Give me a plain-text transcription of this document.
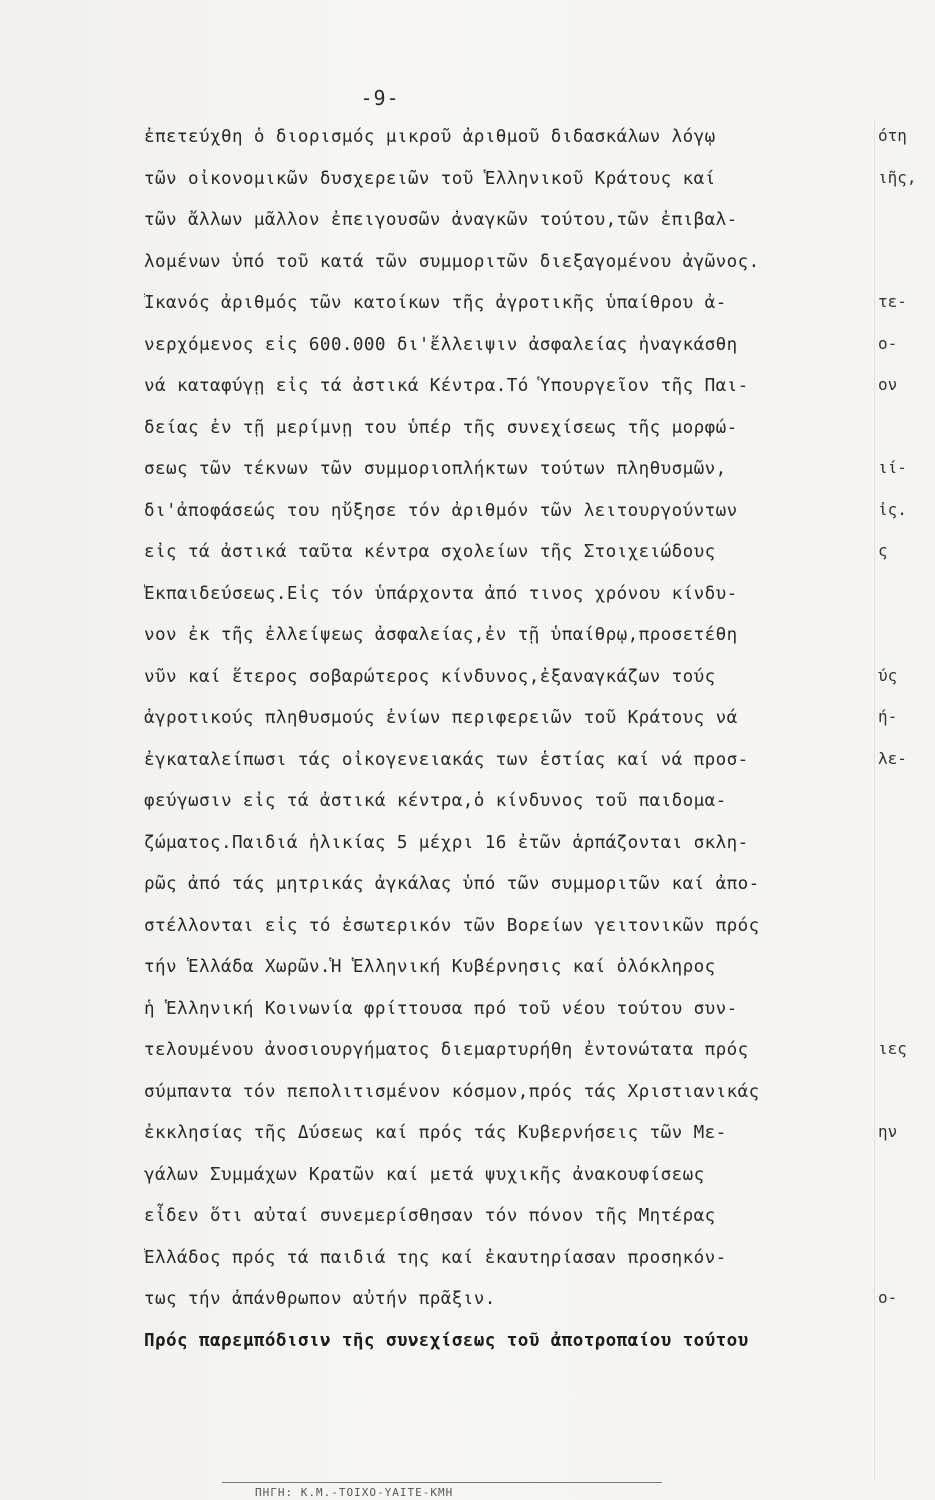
-9-
ἐπετεύχθη ὁ διορισμός μικροῦ ἀριθμοῦ διδασκάλων λόγῳ
τῶν οἰκονομικῶν δυσχερειῶν τοῦ Ἑλληνικοῦ Κράτους καί
τῶν ἄλλων μᾶλλον ἐπειγουσῶν ἀναγκῶν τούτου,τῶν ἐπιβαλ-
λομένων ὑπό τοῦ κατά τῶν συμμοριτῶν διεξαγομένου ἀγῶνος.
Ἱκανός ἀριθμός τῶν κατοίκων τῆς ἀγροτικῆς ὑπαίθρου ἀ-
νερχόμενος εἰς 600.000 δι'ἔλλειψιν ἀσφαλείας ἠναγκάσθη
νά καταφύγῃ εἰς τά ἀστικά Κέντρα.Τό Ὑπουργεῖον τῆς Παι-
δείας ἐν τῇ μερίμνῃ του ὑπέρ τῆς συνεχίσεως τῆς μορφώ-
σεως τῶν τέκνων τῶν συμμοριοπλήκτων τούτων πληθυσμῶν,
δι'ἀποφάσεώς του ηὔξησε τόν ἀριθμόν τῶν λειτουργούντων
εἰς τά ἀστικά ταῦτα κέντρα σχολείων τῆς Στοιχειώδους
Ἐκπαιδεύσεως.Εἰς τόν ὑπάρχοντα ἀπό τινος χρόνου κίνδυ-
νον ἐκ τῆς ἐλλείψεως ἀσφαλείας,ἐν τῇ ὑπαίθρῳ,προσετέθη
νῦν καί ἕτερος σοβαρώτερος κίνδυνος,ἐξαναγκάζων τούς
ἀγροτικούς πληθυσμούς ἐνίων περιφερειῶν τοῦ Κράτους νά
ἐγκαταλείπωσι τάς οἰκογενειακάς των ἑστίας καί νά προσ-
φεύγωσιν εἰς τά ἀστικά κέντρα,ὁ κίνδυνος τοῦ παιδομα-
ζώματος.Παιδιά ἡλικίας 5 μέχρι 16 ἐτῶν ἁρπάζονται σκλη-
ρῶς ἀπό τάς μητρικάς ἀγκάλας ὑπό τῶν συμμοριτῶν καί ἀπο-
στέλλονται εἰς τό ἐσωτερικόν τῶν Βορείων γειτονικῶν πρός
τήν Ἑλλάδα Χωρῶν.Ἡ Ἑλληνική Κυβέρνησις καί ὁλόκληρος
ἡ Ἑλληνική Κοινωνία φρίττουσα πρό τοῦ νέου τούτου συν-
τελουμένου ἀνοσιουργήματος διεμαρτυρήθη ἐντονώτατα πρός
σύμπαντα τόν πεπολιτισμένον κόσμον,πρός τάς Χριστιανικάς
ἐκκλησίας τῆς Δύσεως καί πρός τάς Κυβερνήσεις τῶν Με-
γάλων Συμμάχων Κρατῶν καί μετά ψυχικῆς ἀνακουφίσεως
εἶδεν ὅτι αὐταί συνεμερίσθησαν τόν πόνον τῆς Μητέρας
Ἑλλάδος πρός τά παιδιά της καί ἐκαυτηρίασαν προσηκόν-
τως τήν ἀπάνθρωπον αὐτήν πρᾶξιν.
Πρός παρεμπόδισιν τῆς συνεχίσεως τοῦ ἀποτροπαίου τούτου
ότη
ιῆς,
τε-
ο-
ον
ιί-
ἰς.
ς
ύς
ή-
λε-
ιες
ην
ο-
ΠΗΓΗ: Κ.Μ.-ΤΟΙΧΟ-ΥΑΙΤΕ-ΚΜΗ
